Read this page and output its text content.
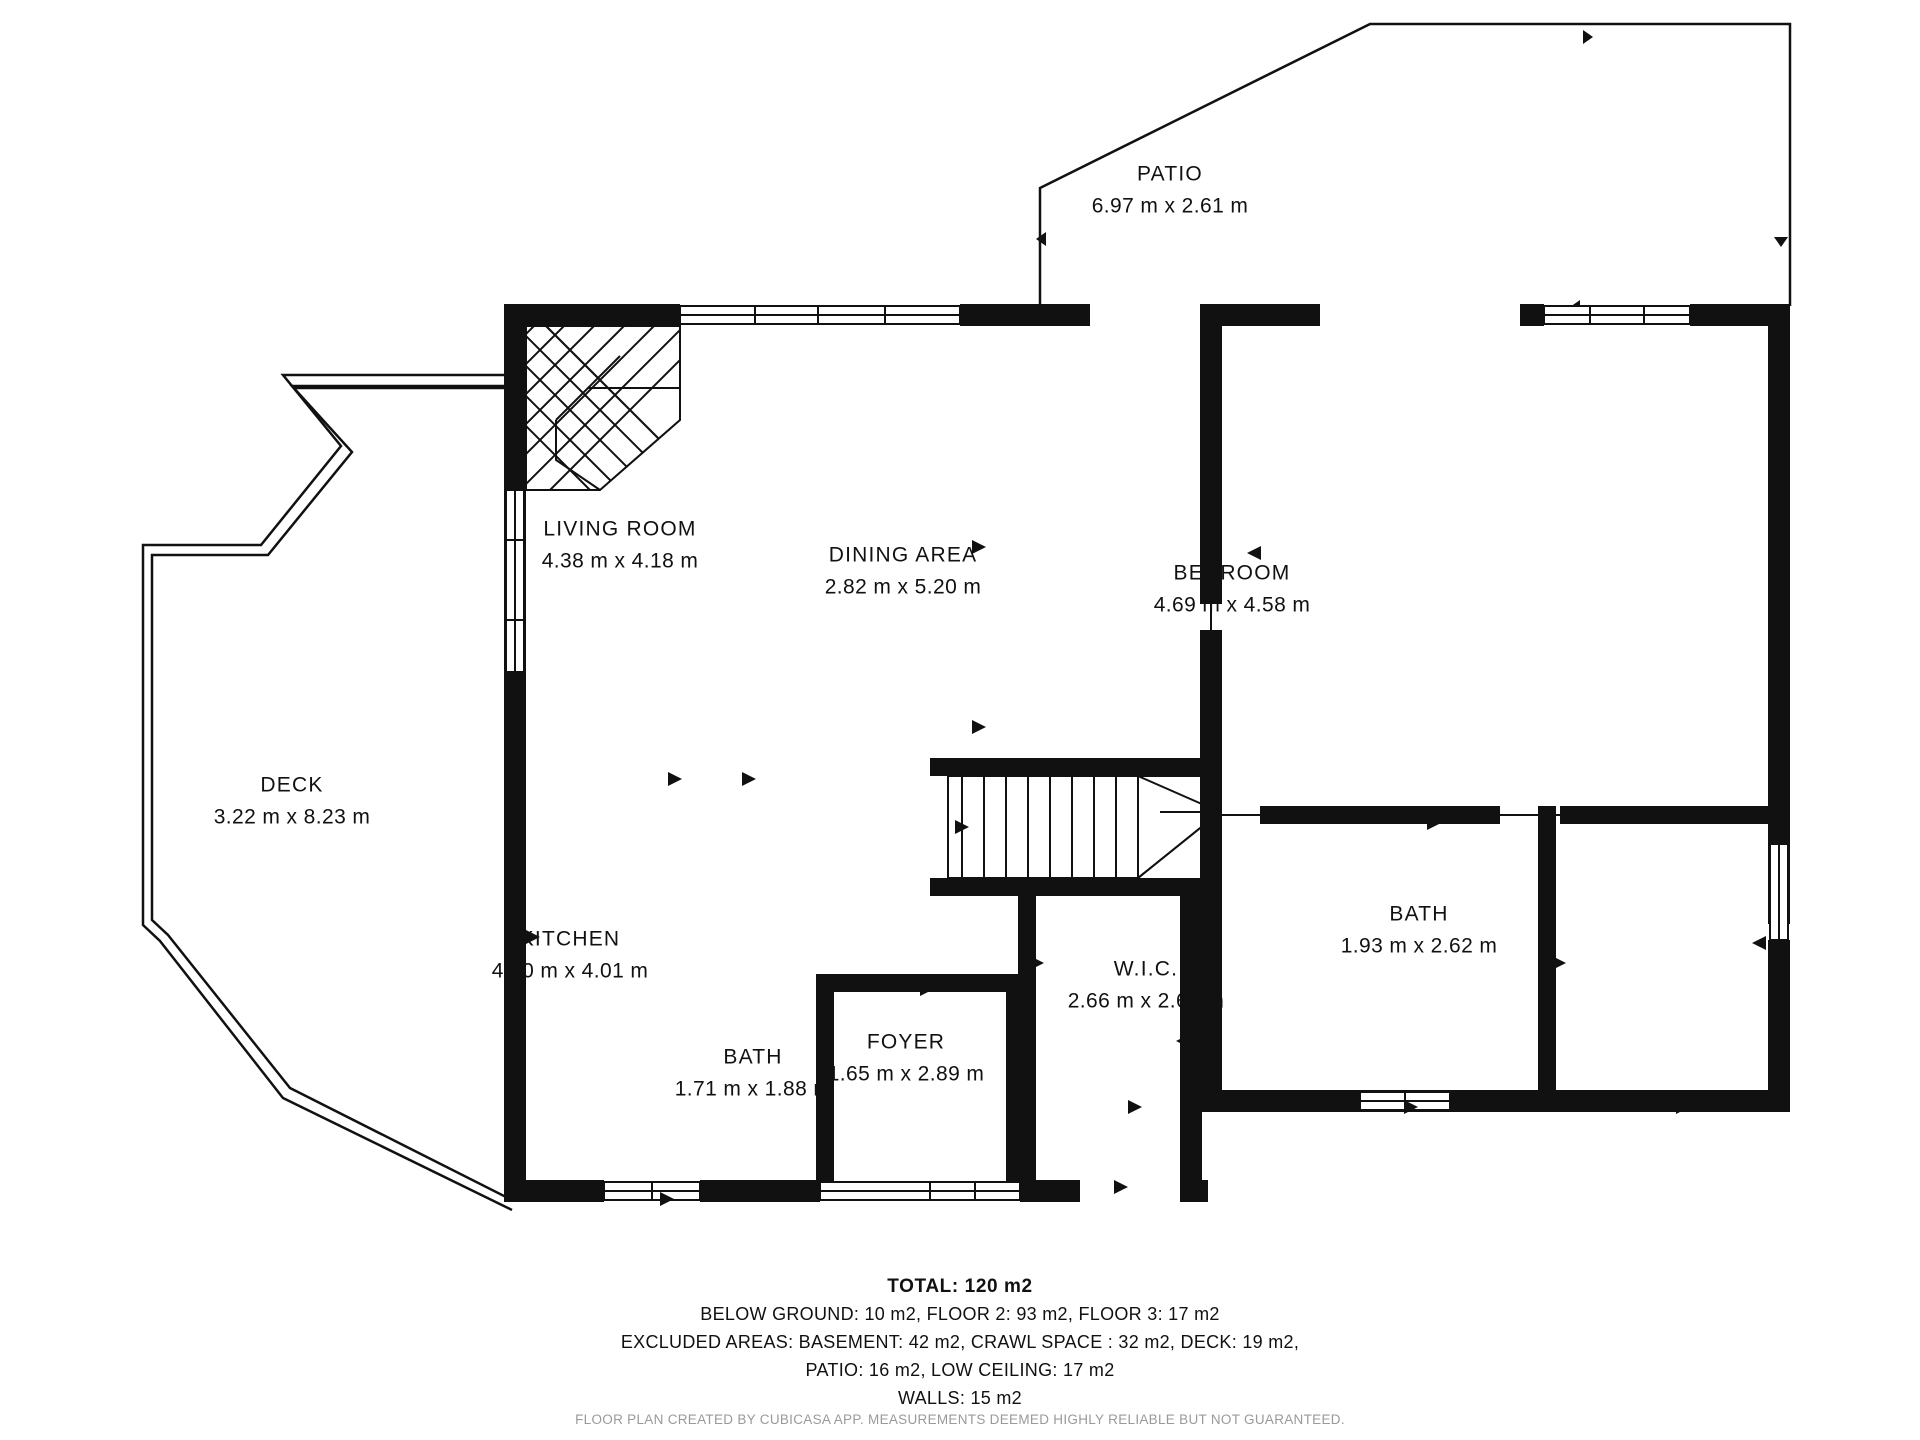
PATIO
6.97 m x 2.61 m
LIVING ROOM
4.38 m x 4.18 m	DINING AREA
2.82 m x 5.20 m
BEDROOM
4.69 m x 4.58 m
DECK
3.22 m x 8.23 m
KITCHEN
4.70 m x 4.01 m	W.I.C.
2.66 m x 2.62 m
BATH
1.93 m x 2.62 m
BATH
1.71 m x 1.88 m
FOYER
1.65 m x 2.89 m
TOTAL: 120 m2
BELOW GROUND: 10 m2, FLOOR 2: 93 m2, FLOOR 3: 17 m2
EXCLUDED AREAS: BASEMENT: 42 m2, CRAWL SPACE : 32 m2, DECK: 19 m2,
PATIO: 16 m2, LOW CEILING: 17 m2
WALLS: 15 m2
FLOOR PLAN CREATED BY CUBICASA APP. MEASUREMENTS DEEMED HIGHLY RELIABLE BUT NOT GUARANTEED.
